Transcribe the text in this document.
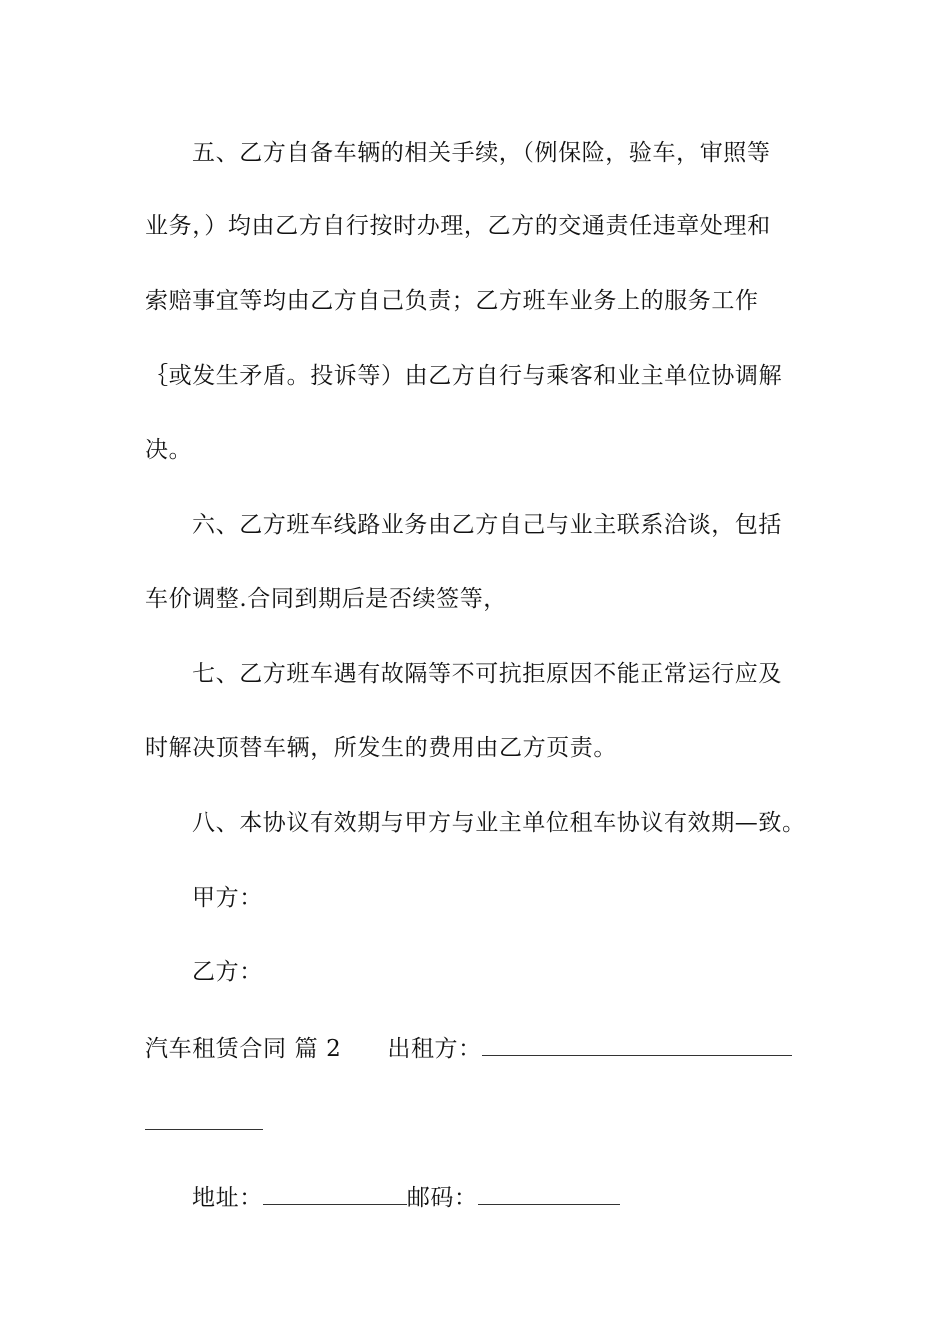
五、乙方自备车辆的相关手续，（例保险，验车，审照等
业务，）均由乙方自行按时办理，乙方的交通责任违章处理和
索赔事宜等均由乙方自己负责；乙方班车业务上的服务工作
｛或发生矛盾。投诉等）由乙方自行与乘客和业主单位协调解
决。
六、乙方班车线路业务由乙方自己与业主联系洽谈，包括
车价调整.合同到期后是否续签等，
七、乙方班车遇有故隔等不可抗拒原因不能正常运行应及
时解决顶替车辆，所发生的费用由乙方页责。
八、本协议有效期与甲方与业主单位租车协议有效期—致。
甲方：
乙方：
汽车租赁合同 篇 2 出租方：
地址：	邮码：
